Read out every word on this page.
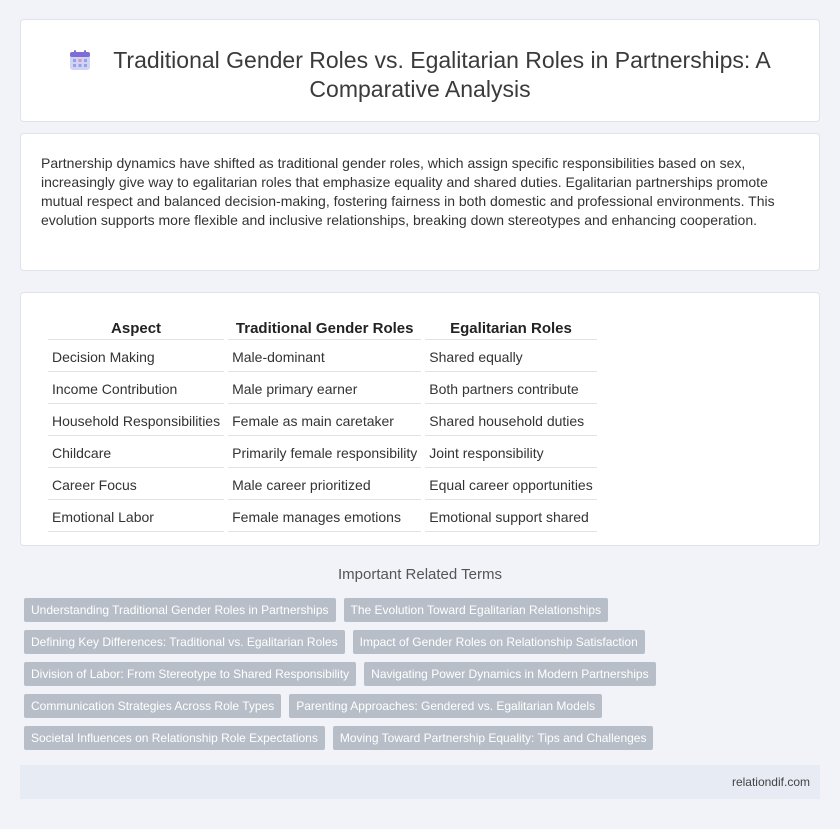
Traditional Gender Roles vs. Egalitarian Roles in Partnerships: A Comparative Analysis

Partnership dynamics have shifted as traditional gender roles, which assign specific responsibilities based on sex, increasingly give way to egalitarian roles that emphasize equality and shared duties. Egalitarian partnerships promote mutual respect and balanced decision-making, fostering fairness in both domestic and professional environments. This evolution supports more flexible and inclusive relationships, breaking down stereotypes and enhancing cooperation.

Aspect	Traditional Gender Roles	Egalitarian Roles
Decision Making	Male-dominant	Shared equally
Income Contribution	Male primary earner	Both partners contribute
Household Responsibilities	Female as main caretaker	Shared household duties
Childcare	Primarily female responsibility	Joint responsibility
Career Focus	Male career prioritized	Equal career opportunities
Emotional Labor	Female manages emotions	Emotional support shared
Important Related Terms
Understanding Traditional Gender Roles in Partnerships	The Evolution Toward Egalitarian Relationships
Defining Key Differences: Traditional vs. Egalitarian Roles	Impact of Gender Roles on Relationship Satisfaction
Division of Labor: From Stereotype to Shared Responsibility	Navigating Power Dynamics in Modern Partnerships
Communication Strategies Across Role Types	Parenting Approaches: Gendered vs. Egalitarian Models
Societal Influences on Relationship Role Expectations	Moving Toward Partnership Equality: Tips and Challenges
relationdif.com
